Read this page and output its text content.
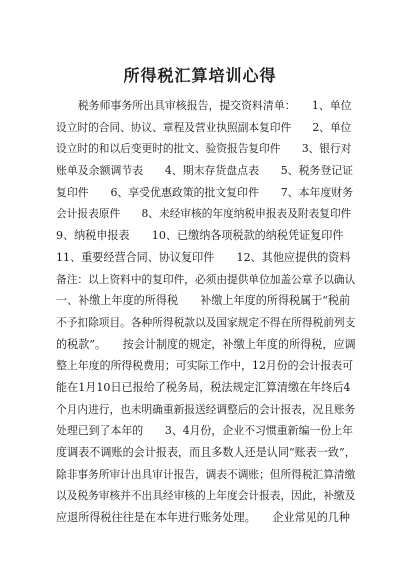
所得税汇算培训心得
　　税务师事务所出具审核报告，提交资料清单：　　1、单位
设立时的合同、协议、章程及营业执照副本复印件　　2、单位
设立时的和以后变更时的批文、验资报告复印件　　3、银行对
账单及余额调节表　　4、期末存货盘点表　　5、税务登记证
复印件　　6、享受优惠政策的批文复印件　　7、本年度财务
会计报表原件　　8、未经审核的年度纳税申报表及附表复印件
9、纳税申报表　　10、已缴纳各项税款的纳税凭证复印件
11、重要经营合同、协议复印件　　12、其他应提供的资料
备注：以上资料中的复印件，必须由提供单位加盖公章予以确认
一、补缴上年度的所得税　　补缴上年度的所得税属于“税前
不予扣除项目。各种所得税款以及国家规定不得在所得税前列支
的税款”。　　按会计制度的规定，补缴上年度的所得税，应调
整上年度的所得税费用；可实际工作中，12月份的会计报表可
能在1月10日已报给了税务局，税法规定汇算清缴在年终后4
个月内进行，也未明确重新报送经调整后的会计报表，况且账务
处理已到了本年的　　3、4月份，企业不习惯重新编一份上年
度调表不调账的会计报表，而且多数人还是认同“账表一致”，
除非事务所审计出具审计报告，调表不调账；但所得税汇算清缴
以及税务审核并不出具经审核的上年度会计报表，因此，补缴及
应退所得税往往是在本年进行账务处理。　　企业常见的几种
